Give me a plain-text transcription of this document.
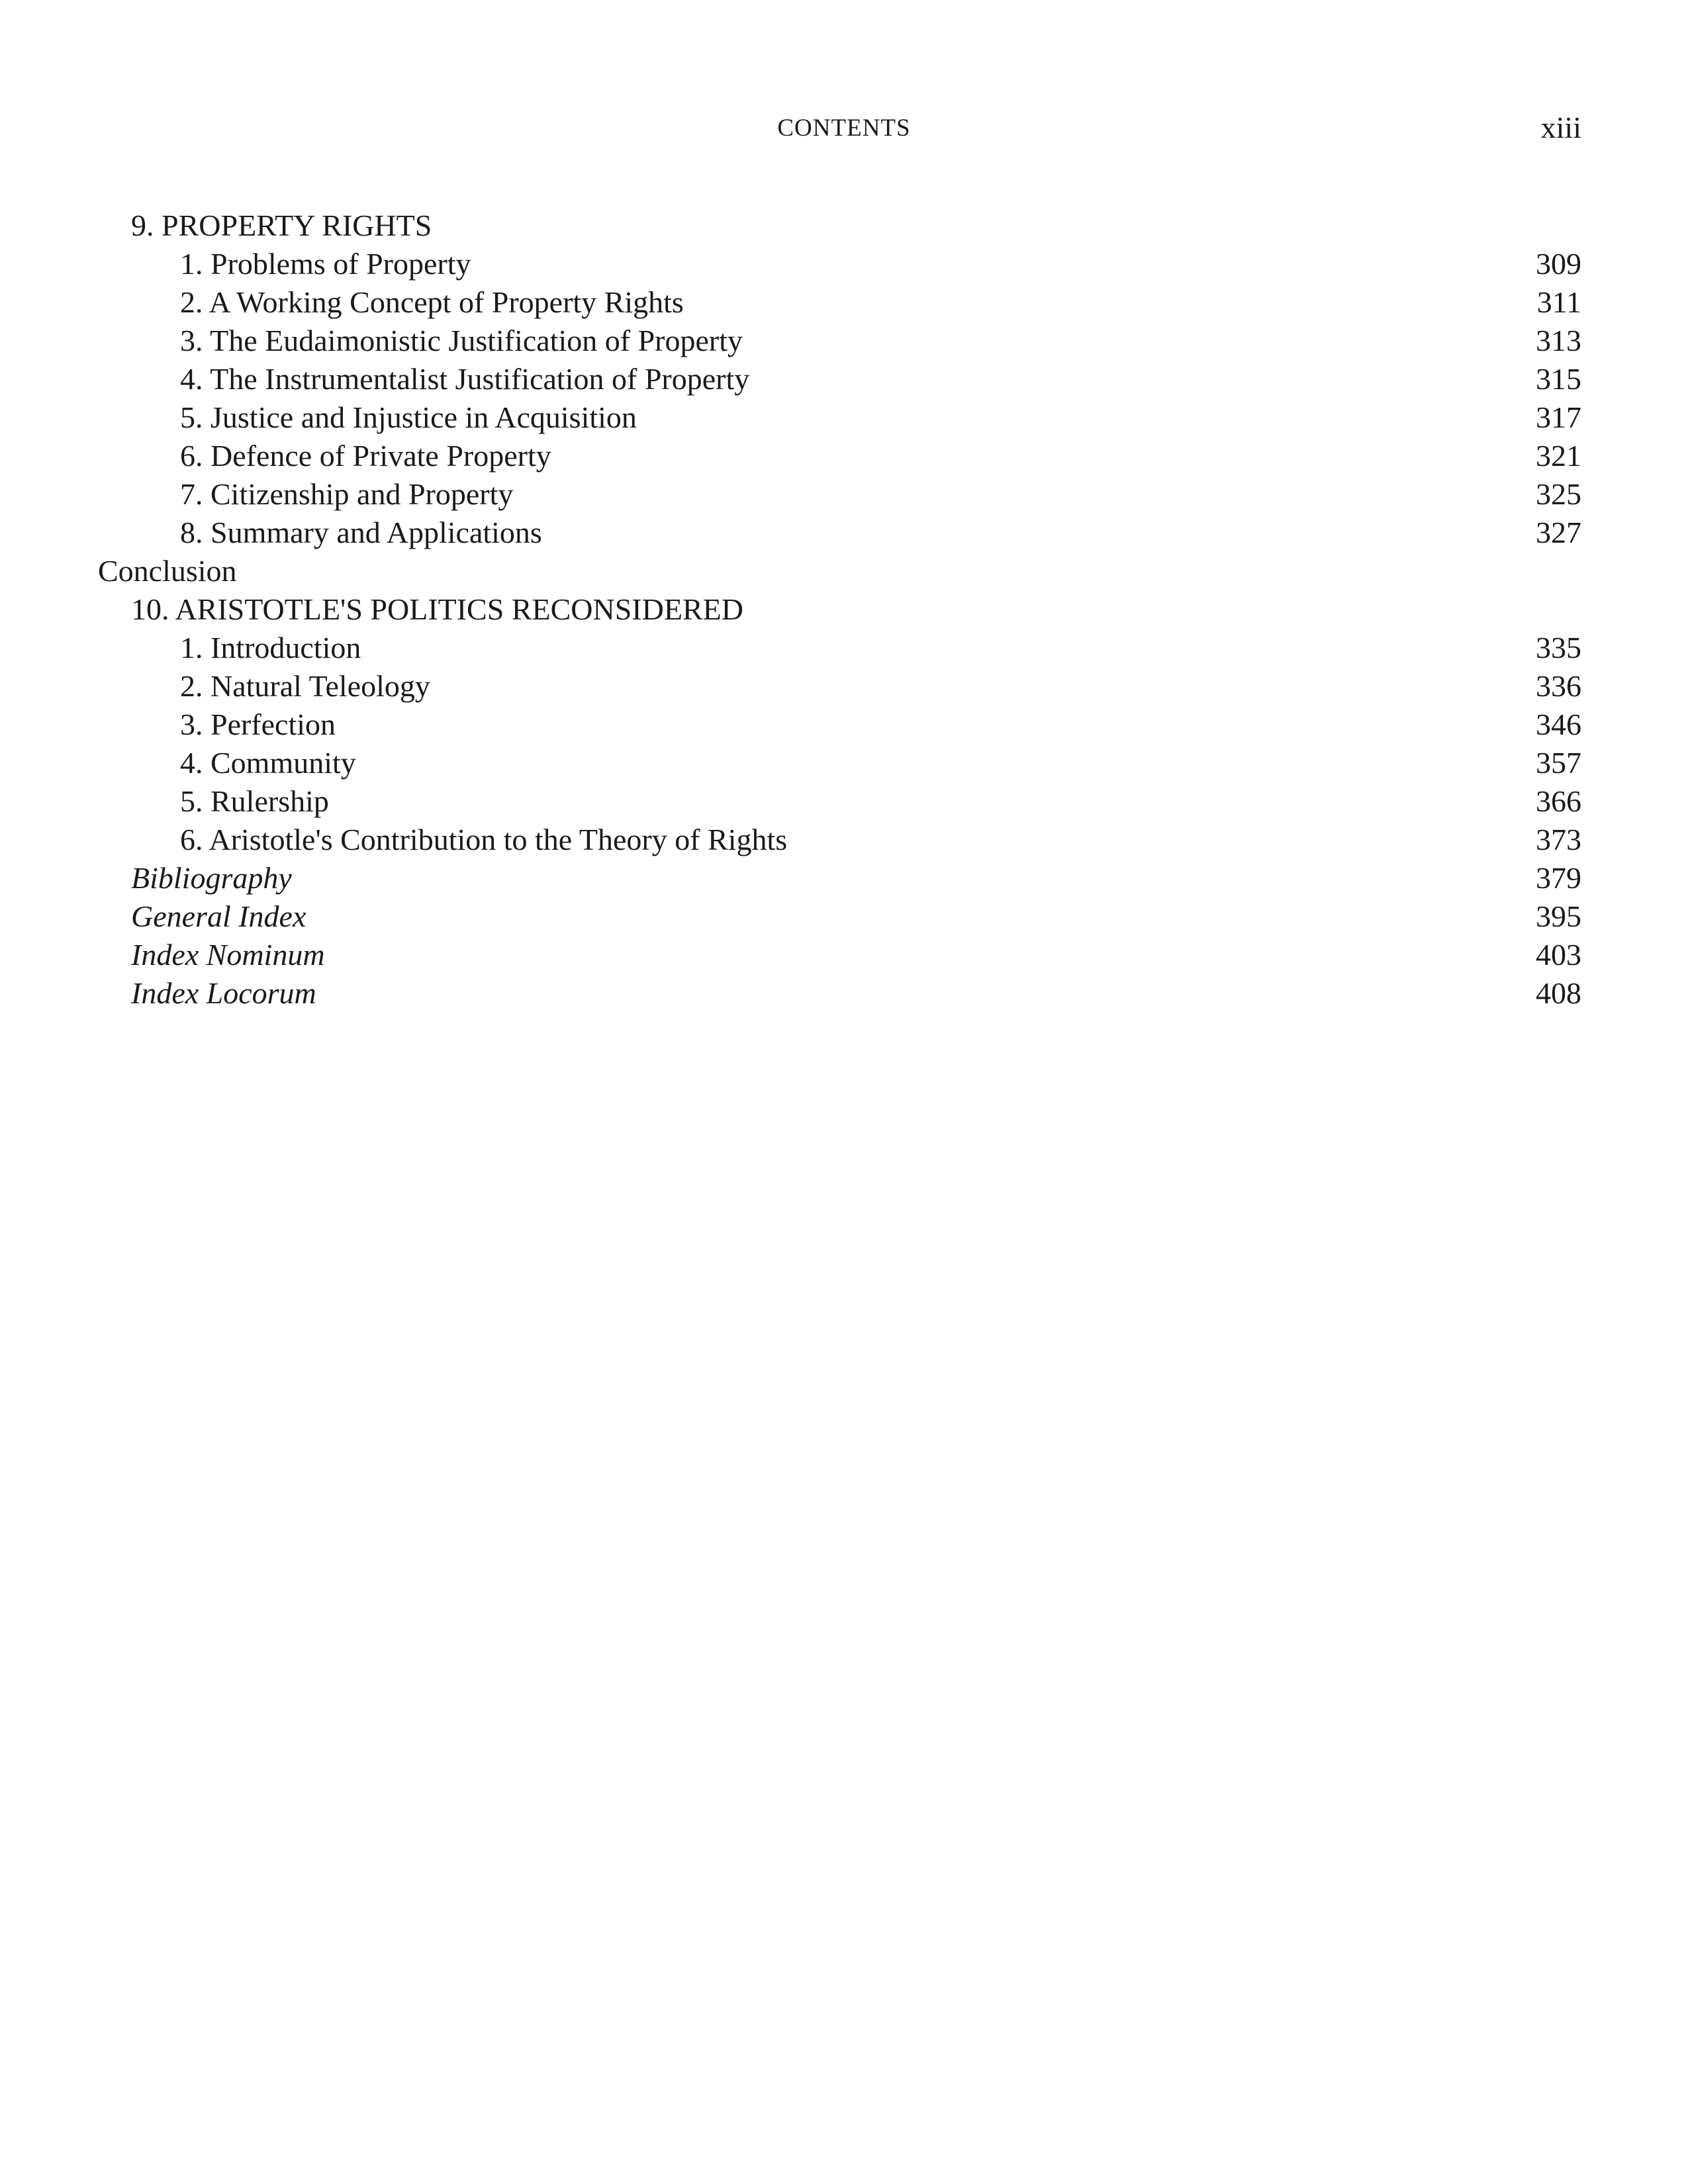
CONTENTS	xiii
9. PROPERTY RIGHTS
1. Problems of Property	309
2. A Working Concept of Property Rights	311
3. The Eudaimonistic Justification of Property	313
4. The Instrumentalist Justification of Property	315
5. Justice and Injustice in Acquisition	317
6. Defence of Private Property	321
7. Citizenship and Property	325
8. Summary and Applications	327
Conclusion
10. ARISTOTLE'S POLITICS RECONSIDERED
1. Introduction	335
2. Natural Teleology	336
3. Perfection	346
4. Community	357
5. Rulership	366
6. Aristotle's Contribution to the Theory of Rights	373
Bibliography	379
General Index	395
Index Nominum	403
Index Locorum	408
